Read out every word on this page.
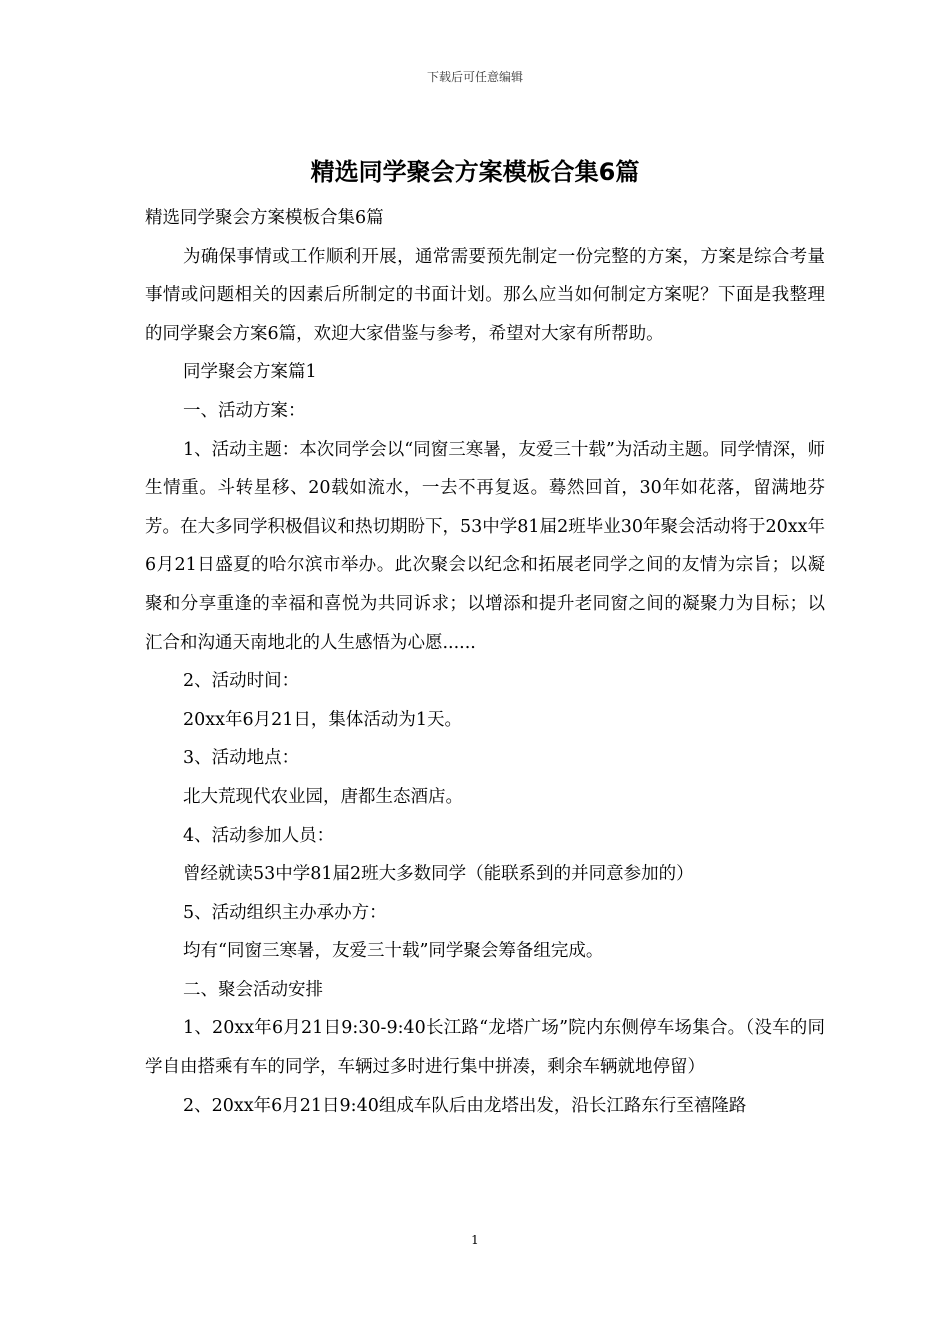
下载后可任意编辑
精选同学聚会方案模板合集6篇

精选同学聚会方案模板合集6篇

为确保事情或工作顺利开展，通常需要预先制定一份完整的方案，方案是综合考量事情或问题相关的因素后所制定的书面计划。那么应当如何制定方案呢？下面是我整理的同学聚会方案6篇，欢迎大家借鉴与参考，希望对大家有所帮助。

同学聚会方案篇1

一、活动方案：

1、活动主题：本次同学会以“同窗三寒暑，友爱三十载”为活动主题。同学情深，师生情重。斗转星移、20载如流水，一去不再复返。蓦然回首，30年如花落，留满地芬芳。在大多同学积极倡议和热切期盼下，53中学81届2班毕业30年聚会活动将于20xx年6月21日盛夏的哈尔滨市举办。此次聚会以纪念和拓展老同学之间的友情为宗旨；以凝聚和分享重逢的幸福和喜悦为共同诉求；以增添和提升老同窗之间的凝聚力为目标；以汇合和沟通天南地北的人生感悟为心愿......

2、活动时间：

20xx年6月21日，集体活动为1天。

3、活动地点：

北大荒现代农业园，唐都生态酒店。

4、活动参加人员：

曾经就读53中学81届2班大多数同学（能联系到的并同意参加的）

5、活动组织主办承办方：

均有“同窗三寒暑，友爱三十载”同学聚会筹备组完成。

二、聚会活动安排

1、20xx年6月21日9:30-9:40长江路“龙塔广场”院内东侧停车场集合。（没车的同学自由搭乘有车的同学，车辆过多时进行集中拼凑，剩余车辆就地停留）

2、20xx年6月21日9:40组成车队后由龙塔出发，沿长江路东行至禧隆路

1
